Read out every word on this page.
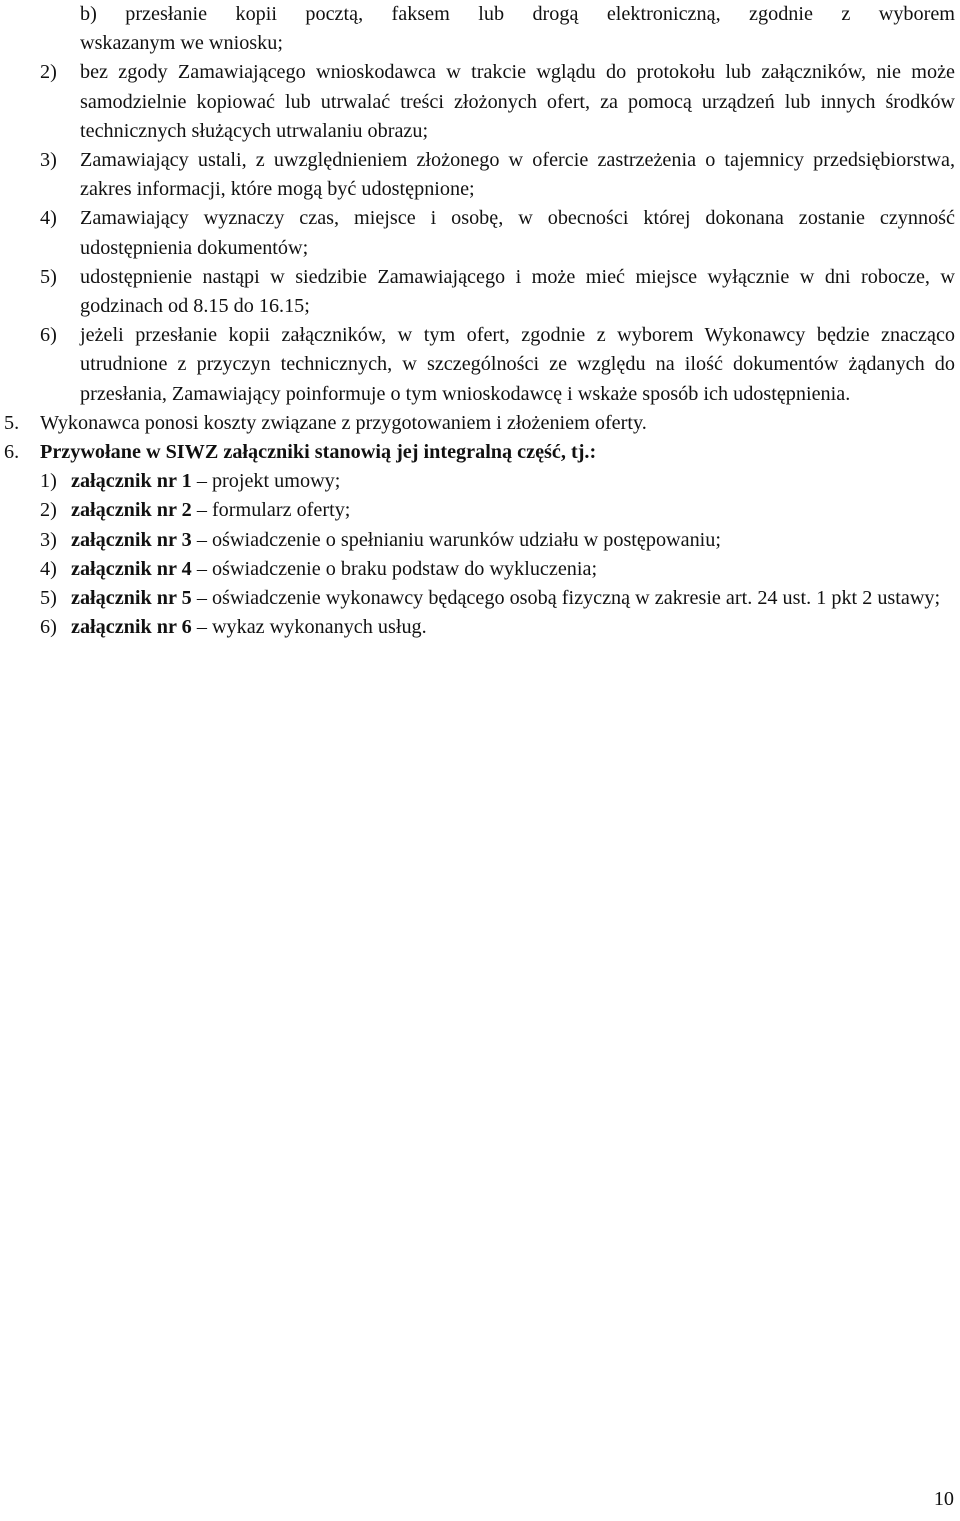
b) przesłanie kopii pocztą, faksem lub drogą elektroniczną, zgodnie z wyborem
wskazanym we wniosku;
2)	bez zgody Zamawiającego wnioskodawca w trakcie wglądu do protokołu lub załączników, nie może samodzielnie kopiować lub utrwalać treści złożonych ofert, za pomocą urządzeń lub innych środków technicznych służących utrwalaniu obrazu;
3)	Zamawiający ustali, z uwzględnieniem złożonego w ofercie zastrzeżenia o tajemnicy przedsiębiorstwa, zakres informacji, które mogą być udostępnione;
4)	Zamawiający wyznaczy czas, miejsce i osobę, w obecności której dokonana zostanie czynność udostępnienia dokumentów;
5)	udostępnienie nastąpi w siedzibie Zamawiającego i może mieć miejsce wyłącznie w dni robocze, w godzinach od 8.15 do 16.15;
6)	jeżeli przesłanie kopii załączników, w tym ofert, zgodnie z wyborem Wykonawcy będzie znacząco utrudnione z przyczyn technicznych, w szczególności ze względu na ilość dokumentów żądanych do przesłania, Zamawiający poinformuje o tym wnioskodawcę i wskaże sposób ich udostępnienia.
5.	Wykonawca ponosi koszty związane z przygotowaniem i złożeniem oferty.
6.	Przywołane w SIWZ załączniki stanowią jej integralną część, tj.:
1) załącznik nr 1 – projekt umowy;
2) załącznik nr 2 – formularz oferty;
3) załącznik nr 3 – oświadczenie o spełnianiu warunków udziału w postępowaniu;
4) załącznik nr 4 – oświadczenie o braku podstaw do wykluczenia;
5) załącznik nr 5 – oświadczenie wykonawcy będącego osobą fizyczną w zakresie art. 24 ust. 1 pkt 2 ustawy;
6) załącznik nr 6 – wykaz wykonanych usług.
10
